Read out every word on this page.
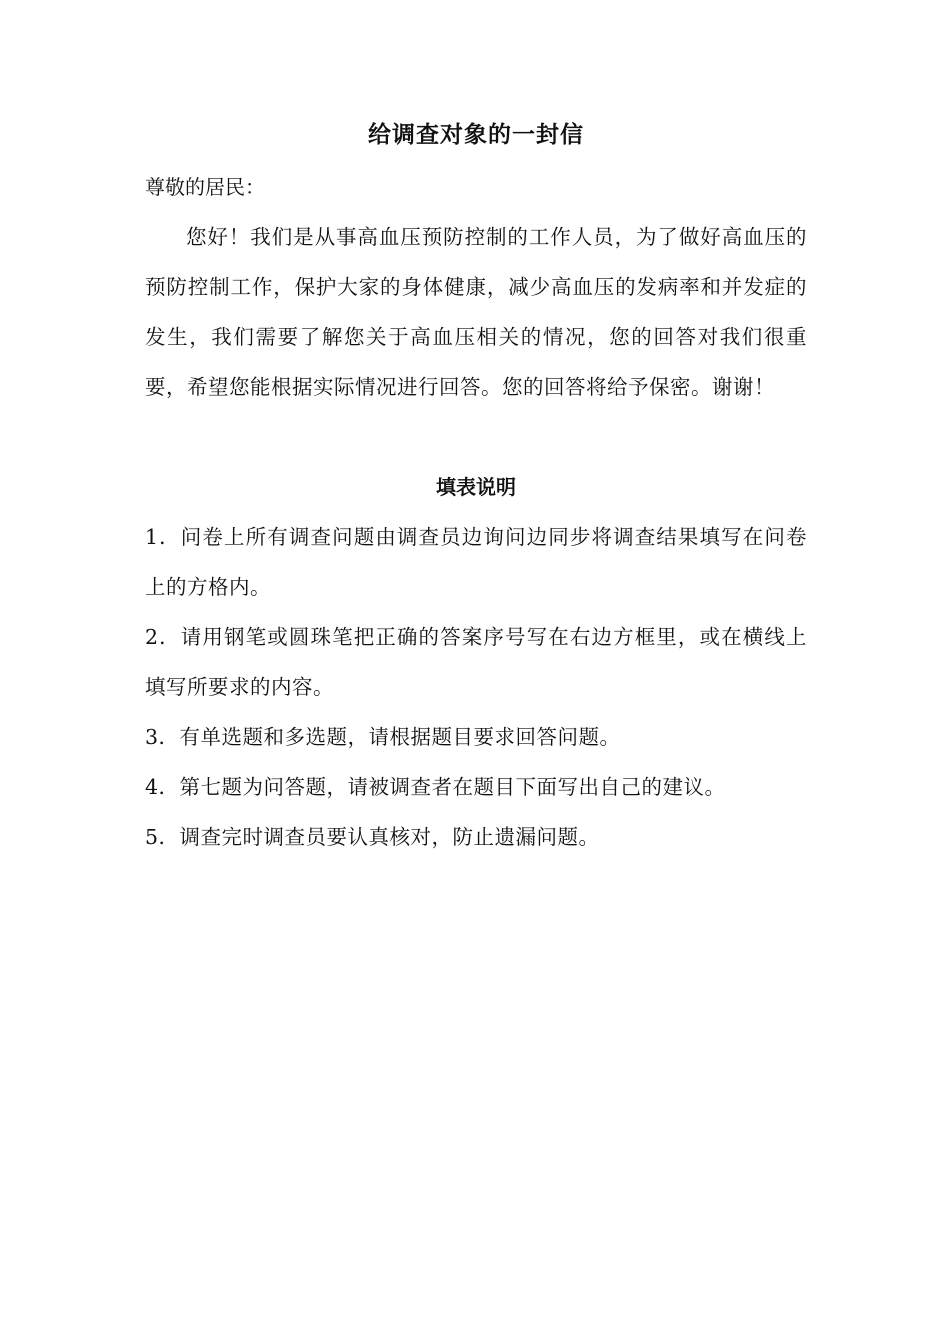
给调查对象的一封信

尊敬的居民：

您好！我们是从事高血压预防控制的工作人员，为了做好高血压的预防控制工作，保护大家的身体健康，减少高血压的发病率和并发症的发生，我们需要了解您关于高血压相关的情况，您的回答对我们很重要，希望您能根据实际情况进行回答。您的回答将给予保密。谢谢！

填表说明

1．问卷上所有调查问题由调查员边询问边同步将调查结果填写在问卷上的方格内。

2．请用钢笔或圆珠笔把正确的答案序号写在右边方框里，或在横线上填写所要求的内容。

3．有单选题和多选题，请根据题目要求回答问题。

4．第七题为问答题，请被调查者在题目下面写出自己的建议。

5．调查完时调查员要认真核对，防止遗漏问题。
